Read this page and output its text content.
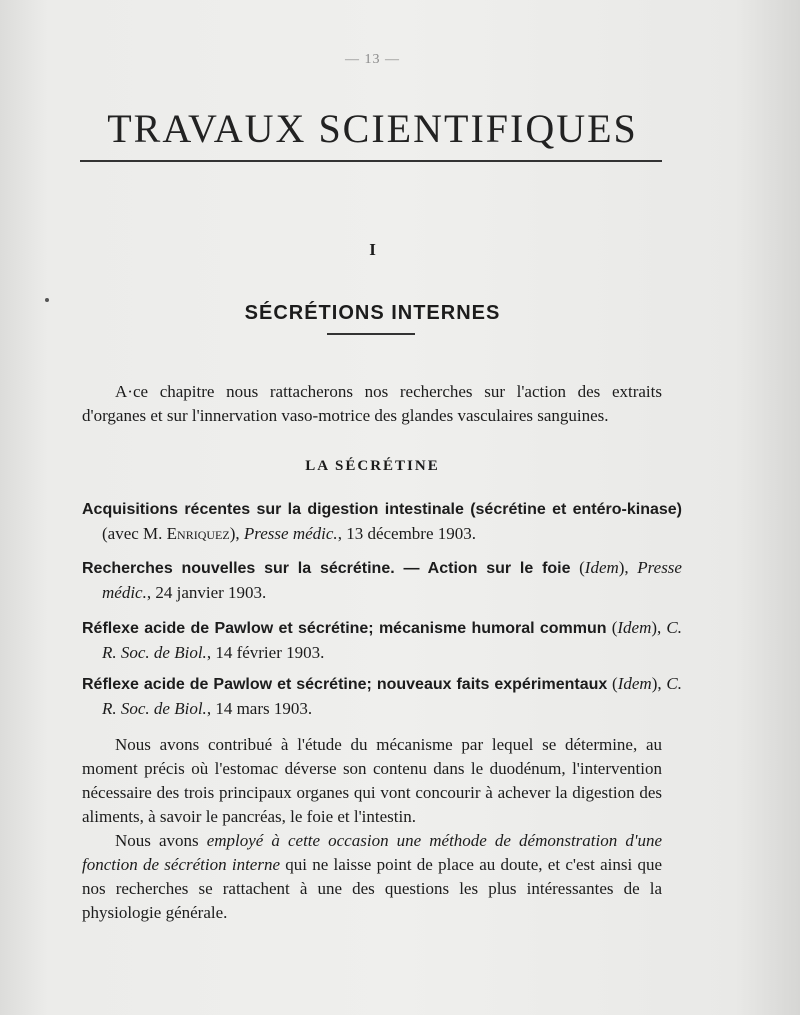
— 13 —
TRAVAUX SCIENTIFIQUES
I
SÉCRÉTIONS INTERNES

A·ce chapitre nous rattacherons nos recherches sur l'action des extraits d'organes et sur l'innervation vaso-motrice des glandes vasculaires sanguines.

LA SÉCRÉTINE

Acquisitions récentes sur la digestion intestinale (sécrétine et entéro-kinase) (avec M. Enriquez), Presse médic., 13 décembre 1903.

Recherches nouvelles sur la sécrétine. — Action sur le foie (Idem), Presse médic., 24 janvier 1903.

Réflexe acide de Pawlow et sécrétine; mécanisme humoral commun (Idem), C. R. Soc. de Biol., 14 février 1903.

Réflexe acide de Pawlow et sécrétine; nouveaux faits expérimentaux (Idem), C. R. Soc. de Biol., 14 mars 1903.

Nous avons contribué à l'étude du mécanisme par lequel se détermine, au moment précis où l'estomac déverse son contenu dans le duodénum, l'intervention nécessaire des trois principaux organes qui vont concourir à achever la digestion des aliments, à savoir le pancréas, le foie et l'intestin.

Nous avons employé à cette occasion une méthode de démonstration d'une fonction de sécrétion interne qui ne laisse point de place au doute, et c'est ainsi que nos recherches se rattachent à une des questions les plus intéressantes de la physiologie générale.
